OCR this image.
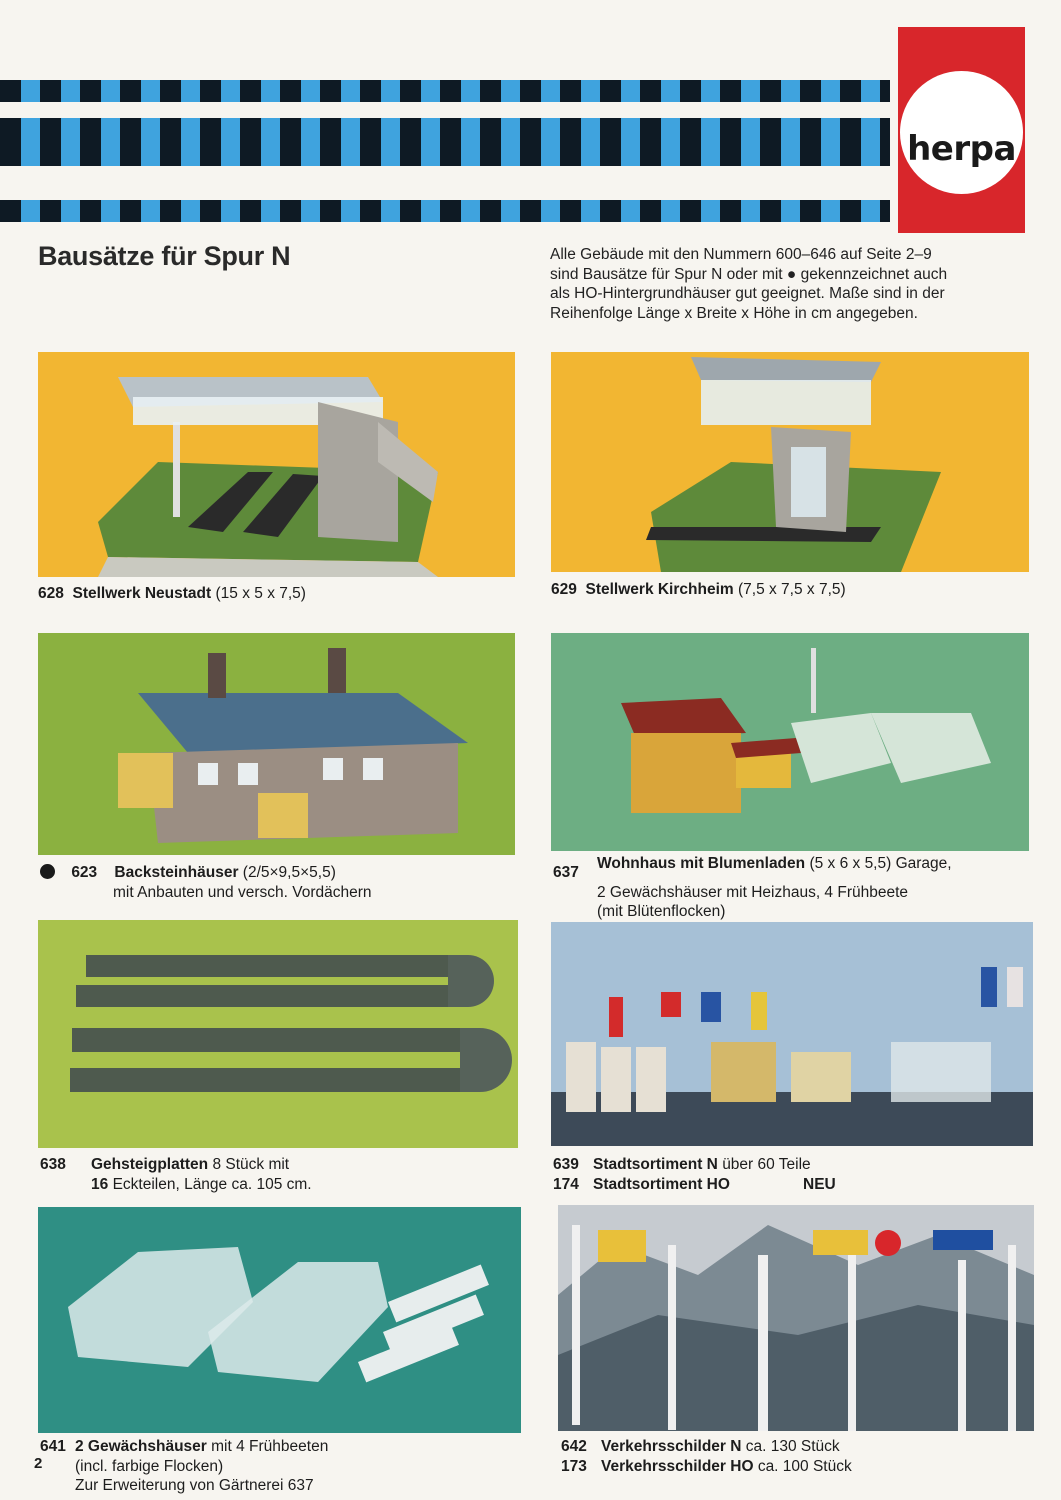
herpa
Bausätze für Spur N	Alle Gebäude mit den Nummern 600–646 auf Seite 2–9
sind Bausätze für Spur N oder mit ● gekennzeichnet auch
als HO-Hintergrundhäuser gut geeignet. Maße sind in der
Reihenfolge Länge x Breite x Höhe in cm angegeben.
628 Stellwerk Neustadt (15 x 5 x 7,5)	629 Stellwerk Kirchheim (7,5 x 7,5 x 7,5)
623 Backsteinhäuser (2/5×9,5×5,5)
mit Anbauten und versch. Vordächern
637Wohnhaus mit Blumenladen (5 x 6 x 5,5) Garage,
2 Gewächshäuser mit Heizhaus, 4 Frühbeete
(mit Blütenflocken)
638 Gehsteigplatten 8 Stück mit
16 Eckteilen, Länge ca. 105 cm.
639 Stadtsortiment N über 60 Teile
174 Stadtsortiment HO	NEU
641 2 Gewächshäuser mit 4 Frühbeeten
(incl. farbige Flocken)
Zur Erweiterung von Gärtnerei 637
642 Verkehrsschilder N ca. 130 Stück
173 Verkehrsschilder HO ca. 100 Stück
2
